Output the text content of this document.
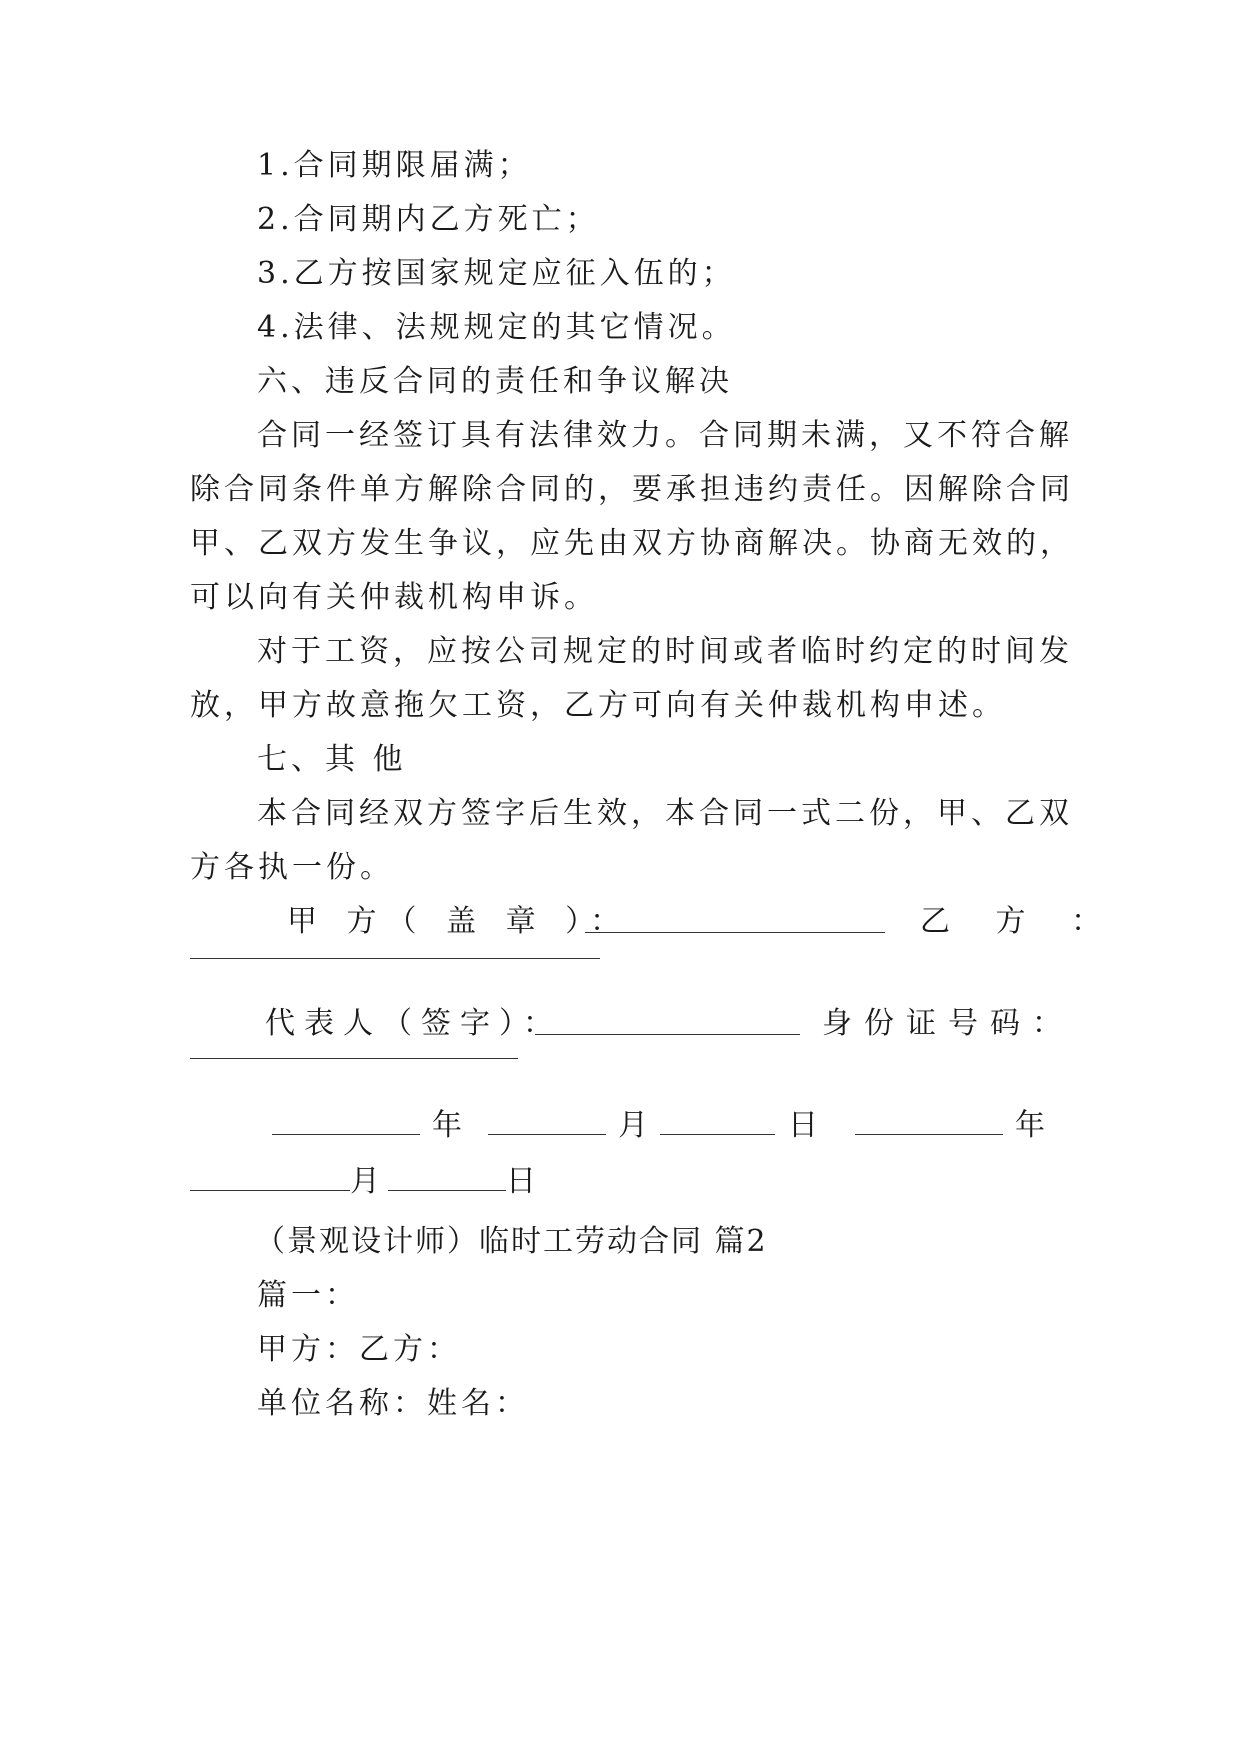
1.合同期限届满；
2.合同期内乙方死亡；
3.乙方按国家规定应征入伍的；
4.法律、法规规定的其它情况。
六、违反合同的责任和争议解决
合同一经签订具有法律效力。合同期未满，又不符合解
除合同条件单方解除合同的，要承担违约责任。因解除合同
甲、乙双方发生争议，应先由双方协商解决。协商无效的，
可以向有关仲裁机构申诉。
对于工资，应按公司规定的时间或者临时约定的时间发
放，甲方故意拖欠工资，乙方可向有关仲裁机构申述。
七、其 他
本合同经双方签字后生效，本合同一式二份，甲、乙双
方各执一份。
甲 方（ 盖 章 ）：	乙 方 ：
代表人（签字）：	身份证号码：
年	月	日	年
月	日
（景观设计师）临时工劳动合同 篇2
篇一：
甲方：乙方：
单位名称：姓名：
